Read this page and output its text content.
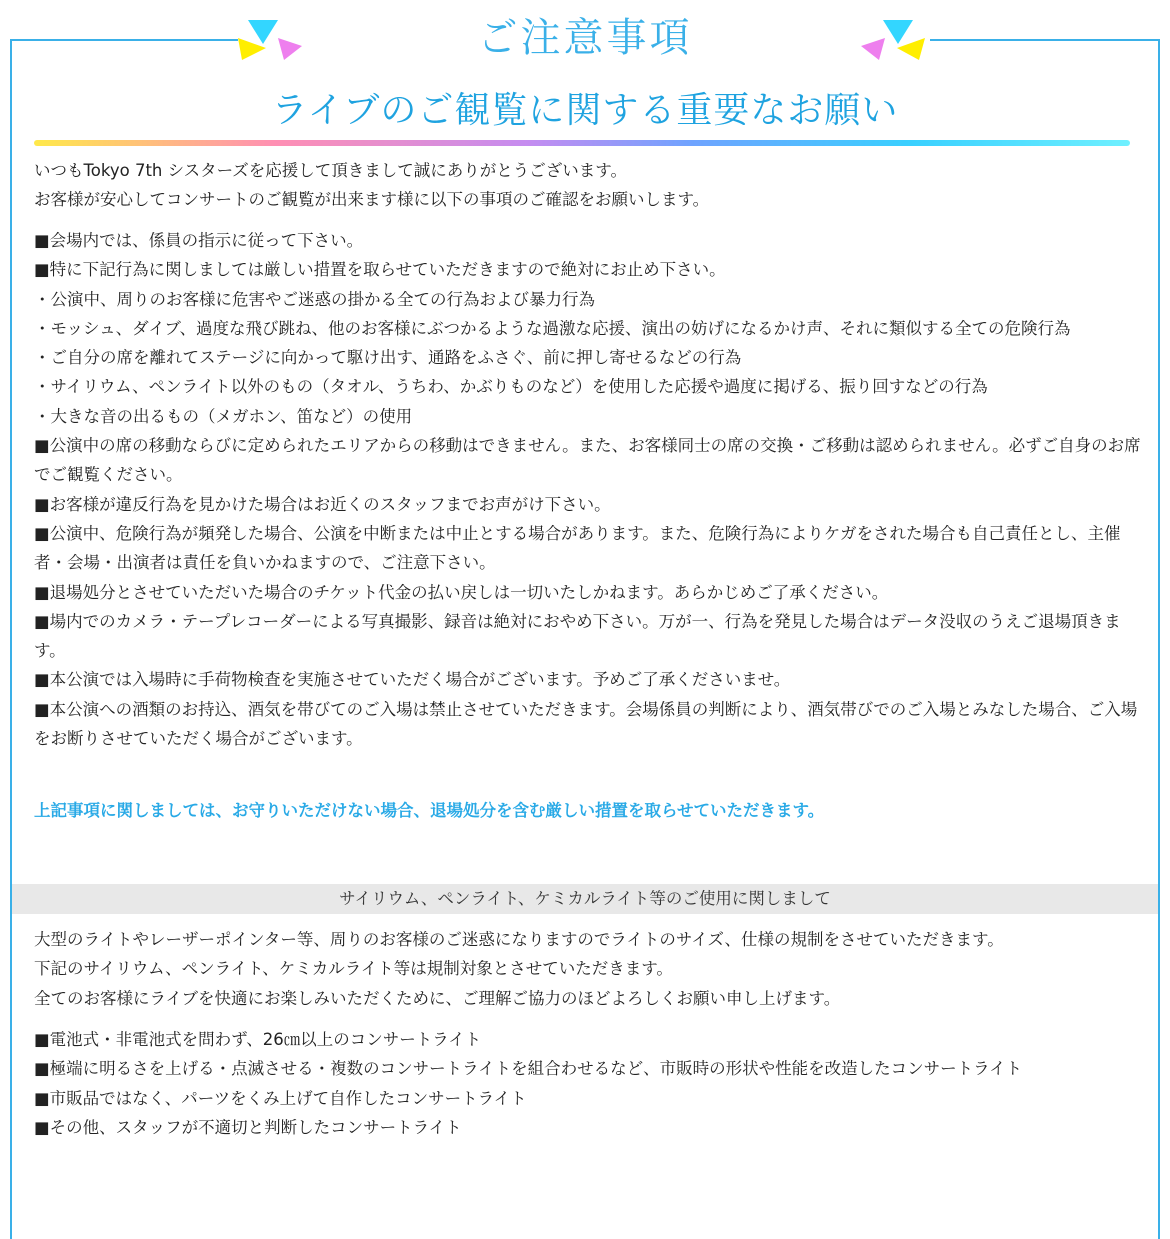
ご注意事項
ライブのご観覧に関する重要なお願い

いつもTokyo 7th シスターズを応援して頂きまして誠にありがとうございます。

お客様が安心してコンサートのご観覧が出来ます様に以下の事項のご確認をお願いします。

■会場内では、係員の指示に従って下さい。

■特に下記行為に関しましては厳しい措置を取らせていただきますので絶対にお止め下さい。

・公演中、周りのお客様に危害やご迷惑の掛かる全ての行為および暴力行為

・モッシュ、ダイブ、過度な飛び跳ね、他のお客様にぶつかるような過激な応援、演出の妨げになるかけ声、それに類似する全ての危険行為

・ご自分の席を離れてステージに向かって駆け出す、通路をふさぐ、前に押し寄せるなどの行為

・サイリウム、ペンライト以外のもの（タオル、うちわ、かぶりものなど）を使用した応援や過度に掲げる、振り回すなどの行為

・大きな音の出るもの（メガホン、笛など）の使用

■公演中の席の移動ならびに定められたエリアからの移動はできません。また、お客様同士の席の交換・ご移動は認められません。必ずご自身のお席でご観覧ください。

■お客様が違反行為を見かけた場合はお近くのスタッフまでお声がけ下さい。

■公演中、危険行為が頻発した場合、公演を中断または中止とする場合があります。また、危険行為によりケガをされた場合も自己責任とし、主催者・会場・出演者は責任を負いかねますので、ご注意下さい。

■退場処分とさせていただいた場合のチケット代金の払い戻しは一切いたしかねます。あらかじめご了承ください。

■場内でのカメラ・テープレコーダーによる写真撮影、録音は絶対におやめ下さい。万が一、行為を発見した場合はデータ没収のうえご退場頂きます。

■本公演では入場時に手荷物検査を実施させていただく場合がございます。予めご了承くださいませ。

■本公演への酒類のお持込、酒気を帯びてのご入場は禁止させていただきます。会場係員の判断により、酒気帯びでのご入場とみなした場合、ご入場をお断りさせていただく場合がございます。

上記事項に関しましては、お守りいただけない場合、退場処分を含む厳しい措置を取らせていただきます。

サイリウム、ペンライト、ケミカルライト等のご使用に関しまして

大型のライトやレーザーポインター等、周りのお客様のご迷惑になりますのでライトのサイズ、仕様の規制をさせていただきます。

下記のサイリウム、ペンライト、ケミカルライト等は規制対象とさせていただきます。

全てのお客様にライブを快適にお楽しみいただくために、ご理解ご協力のほどよろしくお願い申し上げます。

■電池式・非電池式を問わず、26㎝以上のコンサートライト

■極端に明るさを上げる・点滅させる・複数のコンサートライトを組合わせるなど、市販時の形状や性能を改造したコンサートライト

■市販品ではなく、パーツをくみ上げて自作したコンサートライト

■その他、スタッフが不適切と判断したコンサートライト
